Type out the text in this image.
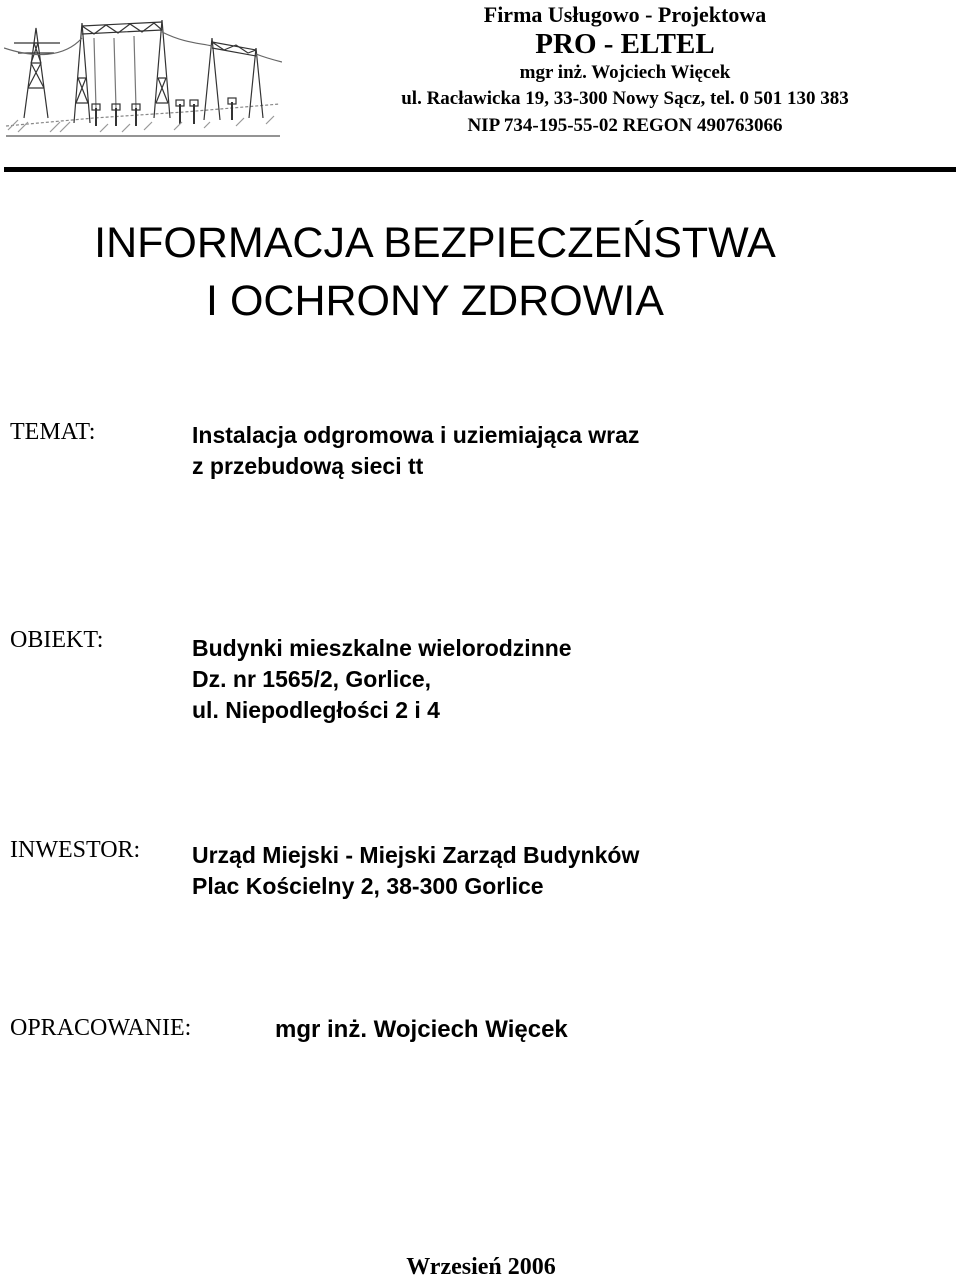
Firma Usługowo - Projektowa
PRO - ELTEL
mgr inż. Wojciech Więcek
ul. Racławicka 19, 33-300 Nowy Sącz, tel. 0 501 130 383
NIP 734-195-55-02 REGON 490763066
INFORMACJA BEZPIECZEŃSTWA
I OCHRONY ZDROWIA
TEMAT:	Instalacja odgromowa i uziemiająca wraz
z przebudową sieci tt
OBIEKT:	Budynki mieszkalne wielorodzinne
Dz. nr 1565/2, Gorlice,
ul. Niepodległości 2 i 4
INWESTOR: Urząd Miejski - Miejski Zarząd Budynków
Plac Kościelny 2, 38-300 Gorlice
OPRACOWANIE:	mgr inż. Wojciech Więcek
Wrzesień 2006
